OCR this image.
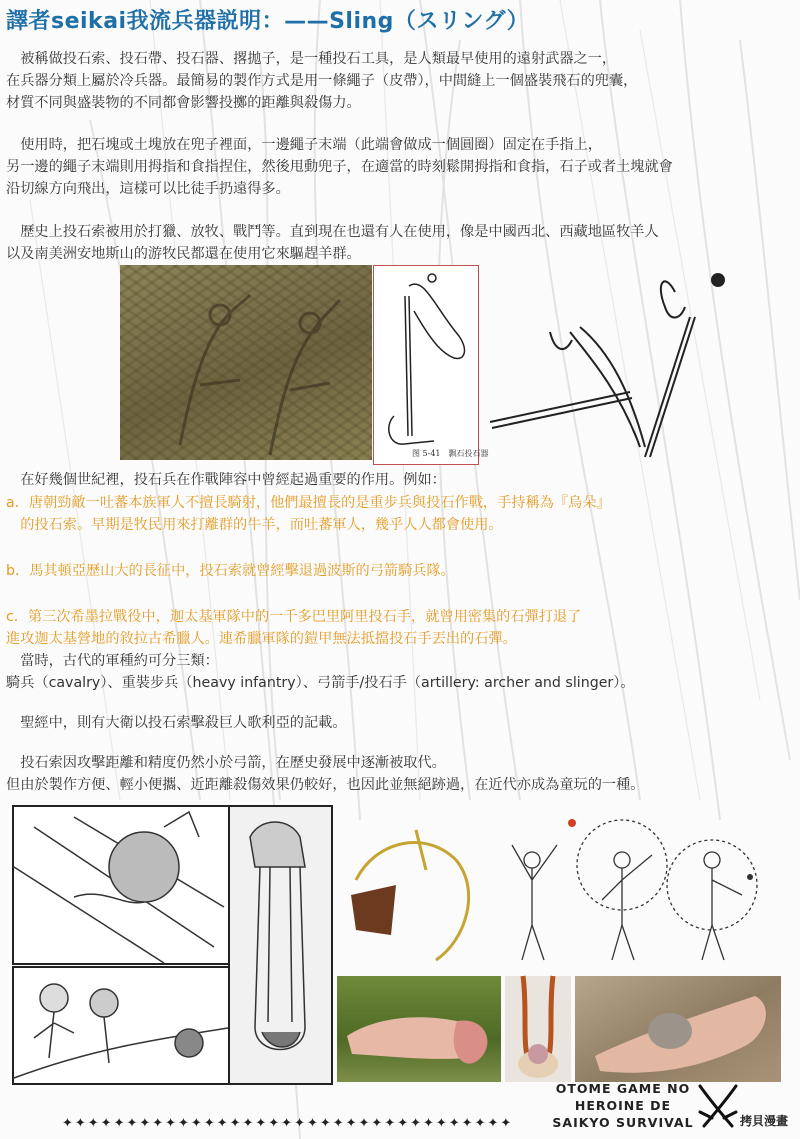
譯者seikai我流兵器説明：——Sling（スリング）

　被稱做投石索、投石帶、投石器、撂拋子，是一種投石工具，是人類最早使用的遠射武器之一，
在兵器分類上屬於冷兵器。最簡易的製作方式是用一條繩子（皮帶），中間縫上一個盛裝飛石的兜囊，
材質不同與盛裝物的不同都會影響投擲的距離與殺傷力。

　使用時，把石塊或土塊放在兜子裡面，一邊繩子末端（此端會做成一個圓圈）固定在手指上，
另一邊的繩子末端則用拇指和食指捏住，然後甩動兜子，在適當的時刻鬆開拇指和食指，石子或者土塊就會
沿切線方向飛出，這樣可以比徒手扔遠得多。

　歷史上投石索被用於打獵、放牧、戰鬥等。直到現在也還有人在使用，像是中國西北、西藏地區牧羊人
以及南美洲安地斯山的游牧民都還在使用它來驅趕羊群。

图 5-41　飘石投石器

　在好幾個世紀裡，投石兵在作戰陣容中曾經起過重要的作用。例如：

a．唐朝勁敵一吐蕃本族軍人不擅長騎射，他們最擅長的是重步兵與投石作戰，手持稱為『烏朵』
　的投石索。早期是牧民用來打離群的牛羊，而吐蕃軍人，幾乎人人都會使用。

b．馬其頓亞歷山大的長征中，投石索就曾經擊退過波斯的弓箭騎兵隊。

c．第三次希墨拉戰役中，迦太基軍隊中的一千多巴里阿里投石手，就曾用密集的石彈打退了
進攻迦太基營地的敘拉古希臘人。連希臘軍隊的鎧甲無法抵擋投石手丟出的石彈。

　當時，古代的軍種約可分三類：

騎兵（cavalry）、重裝步兵（heavy infantry）、弓箭手/投石手（artillery: archer and slinger）。

　聖經中，則有大衛以投石索擊殺巨人歌利亞的記載。

　投石索因攻擊距離和精度仍然小於弓箭，在歷史發展中逐漸被取代。
但由於製作方便、輕小便攜、近距離殺傷效果仍較好，也因此並無絕跡過，在近代亦成為童玩的一種。

OTOME GAME NO
HEROINE DE
SAIKYO SURVIVAL
✦✦✦✦✦✦✦✦✦✦✦✦✦✦✦✦✦✦✦✦✦✦✦✦✦✦✦✦✦✦✦✦✦✦✦	拷貝漫畫
